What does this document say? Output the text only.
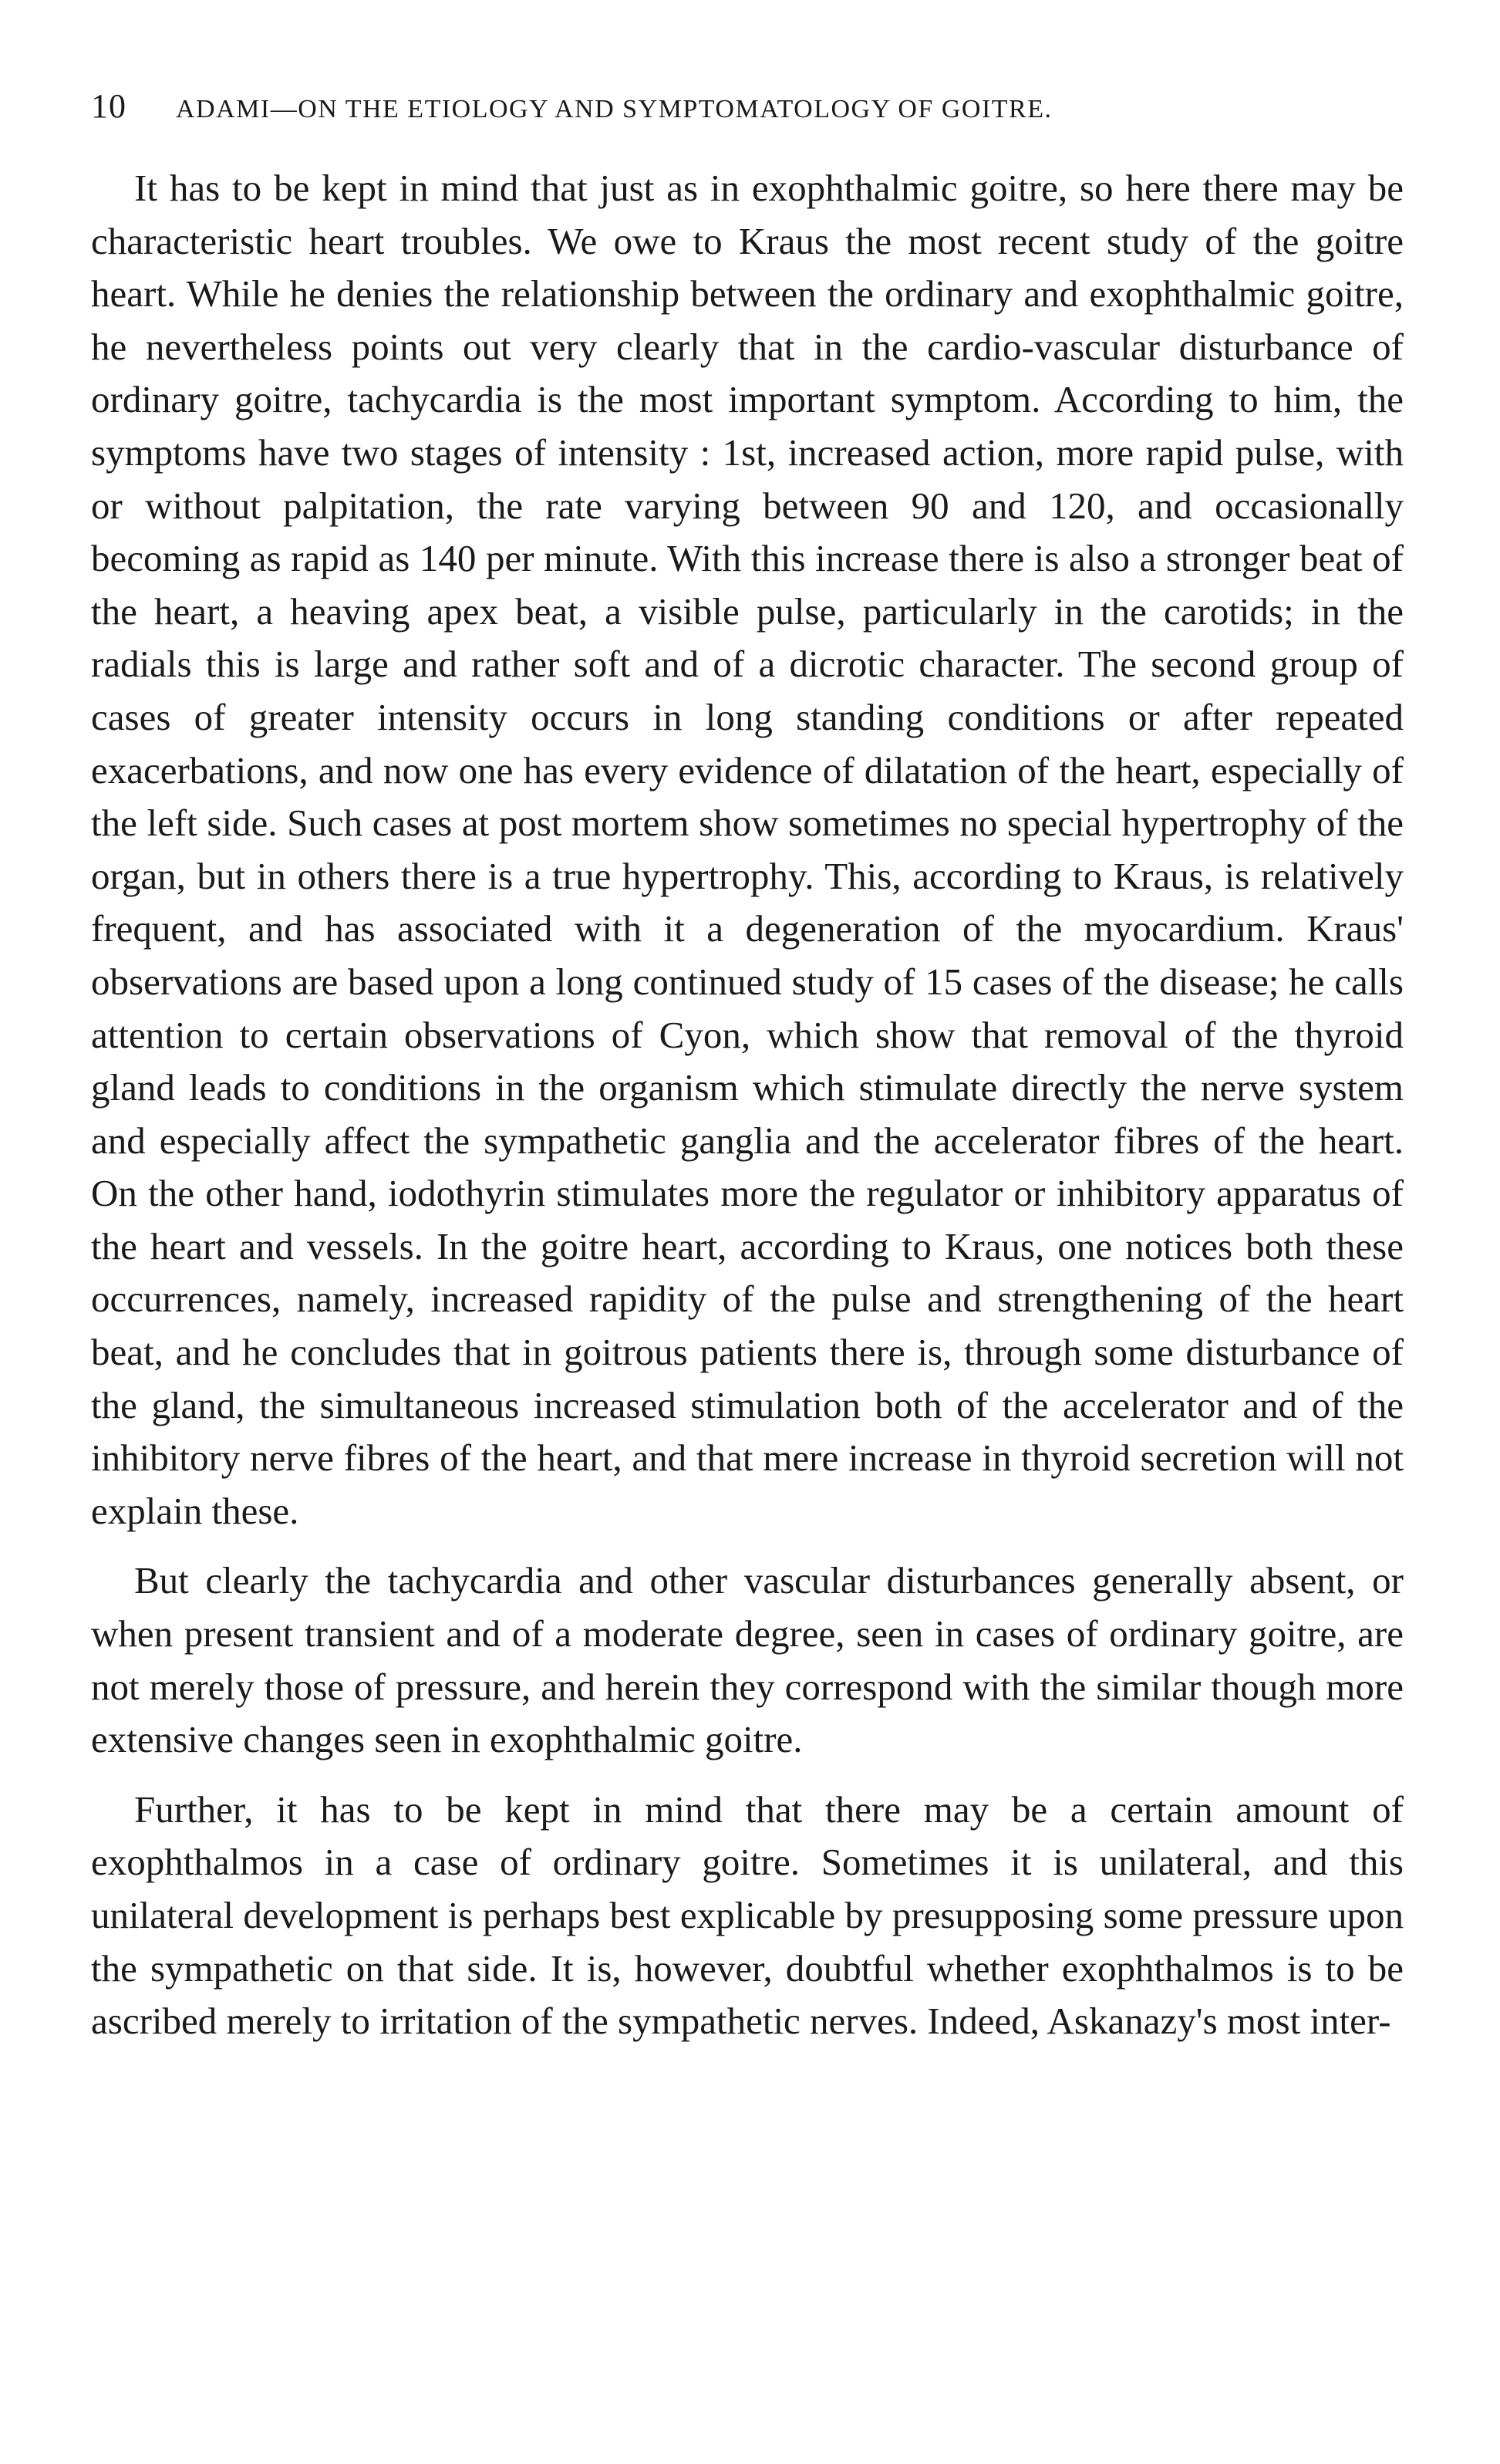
10	ADAMI—ON THE ETIOLOGY AND SYMPTOMATOLOGY OF GOITRE.

It has to be kept in mind that just as in exophthalmic goitre, so here there may be characteristic heart troubles. We owe to Kraus the most recent study of the goitre heart. While he denies the relationship between the ordinary and exophthalmic goitre, he nevertheless points out very clearly that in the cardio-vascular disturbance of ordinary goitre, tachycardia is the most important symptom. According to him, the symptoms have two stages of intensity : 1st, increased action, more rapid pulse, with or without palpitation, the rate varying between 90 and 120, and occasionally becoming as rapid as 140 per minute. With this increase there is also a stronger beat of the heart, a heaving apex beat, a visible pulse, particularly in the carotids; in the radials this is large and rather soft and of a dicrotic character. The second group of cases of greater intensity occurs in long standing conditions or after repeated exacerbations, and now one has every evidence of dilatation of the heart, especially of the left side. Such cases at post mortem show sometimes no special hypertrophy of the organ, but in others there is a true hypertrophy. This, according to Kraus, is relatively frequent, and has associated with it a degeneration of the myocardium. Kraus' observations are based upon a long continued study of 15 cases of the disease; he calls attention to certain observations of Cyon, which show that removal of the thyroid gland leads to conditions in the organism which stimulate directly the nerve system and especially affect the sympathetic ganglia and the accelerator fibres of the heart. On the other hand, iodothyrin stimulates more the regulator or inhibitory apparatus of the heart and vessels. In the goitre heart, according to Kraus, one notices both these occurrences, namely, increased rapidity of the pulse and strengthening of the heart beat, and he concludes that in goitrous patients there is, through some disturbance of the gland, the simultaneous increased stimulation both of the accelerator and of the inhibitory nerve fibres of the heart, and that mere increase in thyroid secretion will not explain these.

But clearly the tachycardia and other vascular disturbances generally absent, or when present transient and of a moderate degree, seen in cases of ordinary goitre, are not merely those of pressure, and herein they correspond with the similar though more extensive changes seen in exophthalmic goitre.

Further, it has to be kept in mind that there may be a certain amount of exophthalmos in a case of ordinary goitre. Sometimes it is unilateral, and this unilateral development is perhaps best explicable by presupposing some pressure upon the sympathetic on that side. It is, however, doubtful whether exophthalmos is to be ascribed merely to irritation of the sympathetic nerves. Indeed, Askanazy's most inter-
